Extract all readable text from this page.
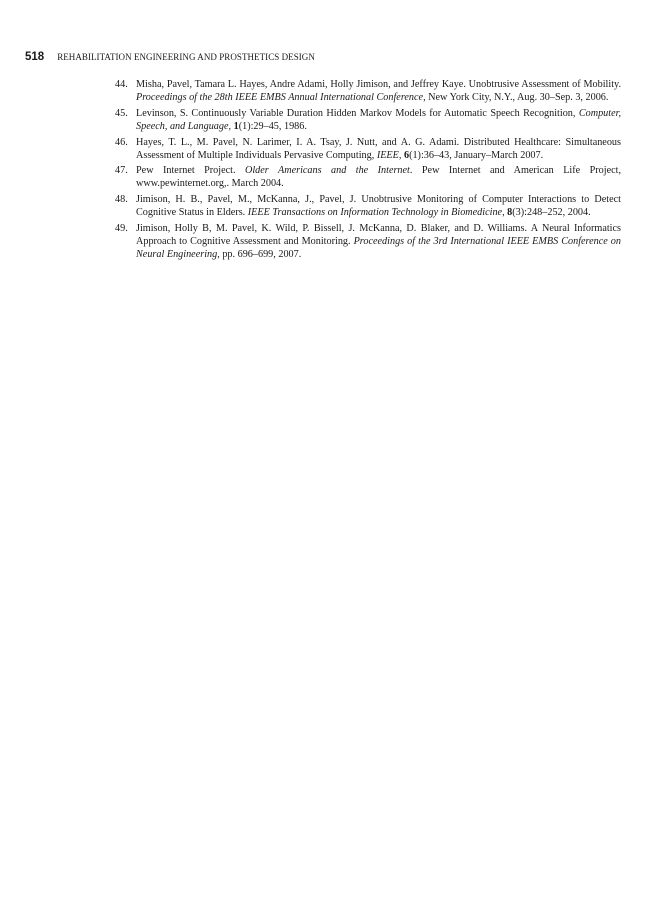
518 REHABILITATION ENGINEERING AND PROSTHETICS DESIGN
44. Misha, Pavel, Tamara L. Hayes, Andre Adami, Holly Jimison, and Jeffrey Kaye. Unobtrusive Assessment of Mobility. Proceedings of the 28th IEEE EMBS Annual International Conference, New York City, N.Y., Aug. 30–Sep. 3, 2006.
45. Levinson, S. Continuously Variable Duration Hidden Markov Models for Automatic Speech Recognition, Computer, Speech, and Language, 1(1):29–45, 1986.
46. Hayes, T. L., M. Pavel, N. Larimer, I. A. Tsay, J. Nutt, and A. G. Adami. Distributed Healthcare: Simultaneous Assessment of Multiple Individuals Pervasive Computing, IEEE, 6(1):36–43, January–March 2007.
47. Pew Internet Project. Older Americans and the Internet. Pew Internet and American Life Project, www.pewinternet.org,. March 2004.
48. Jimison, H. B., Pavel, M., McKanna, J., Pavel, J. Unobtrusive Monitoring of Computer Interactions to Detect Cognitive Status in Elders. IEEE Transactions on Information Technology in Biomedicine, 8(3):248–252, 2004.
49. Jimison, Holly B, M. Pavel, K. Wild, P. Bissell, J. McKanna, D. Blaker, and D. Williams. A Neural Informatics Approach to Cognitive Assessment and Monitoring. Proceedings of the 3rd International IEEE EMBS Conference on Neural Engineering, pp. 696–699, 2007.
